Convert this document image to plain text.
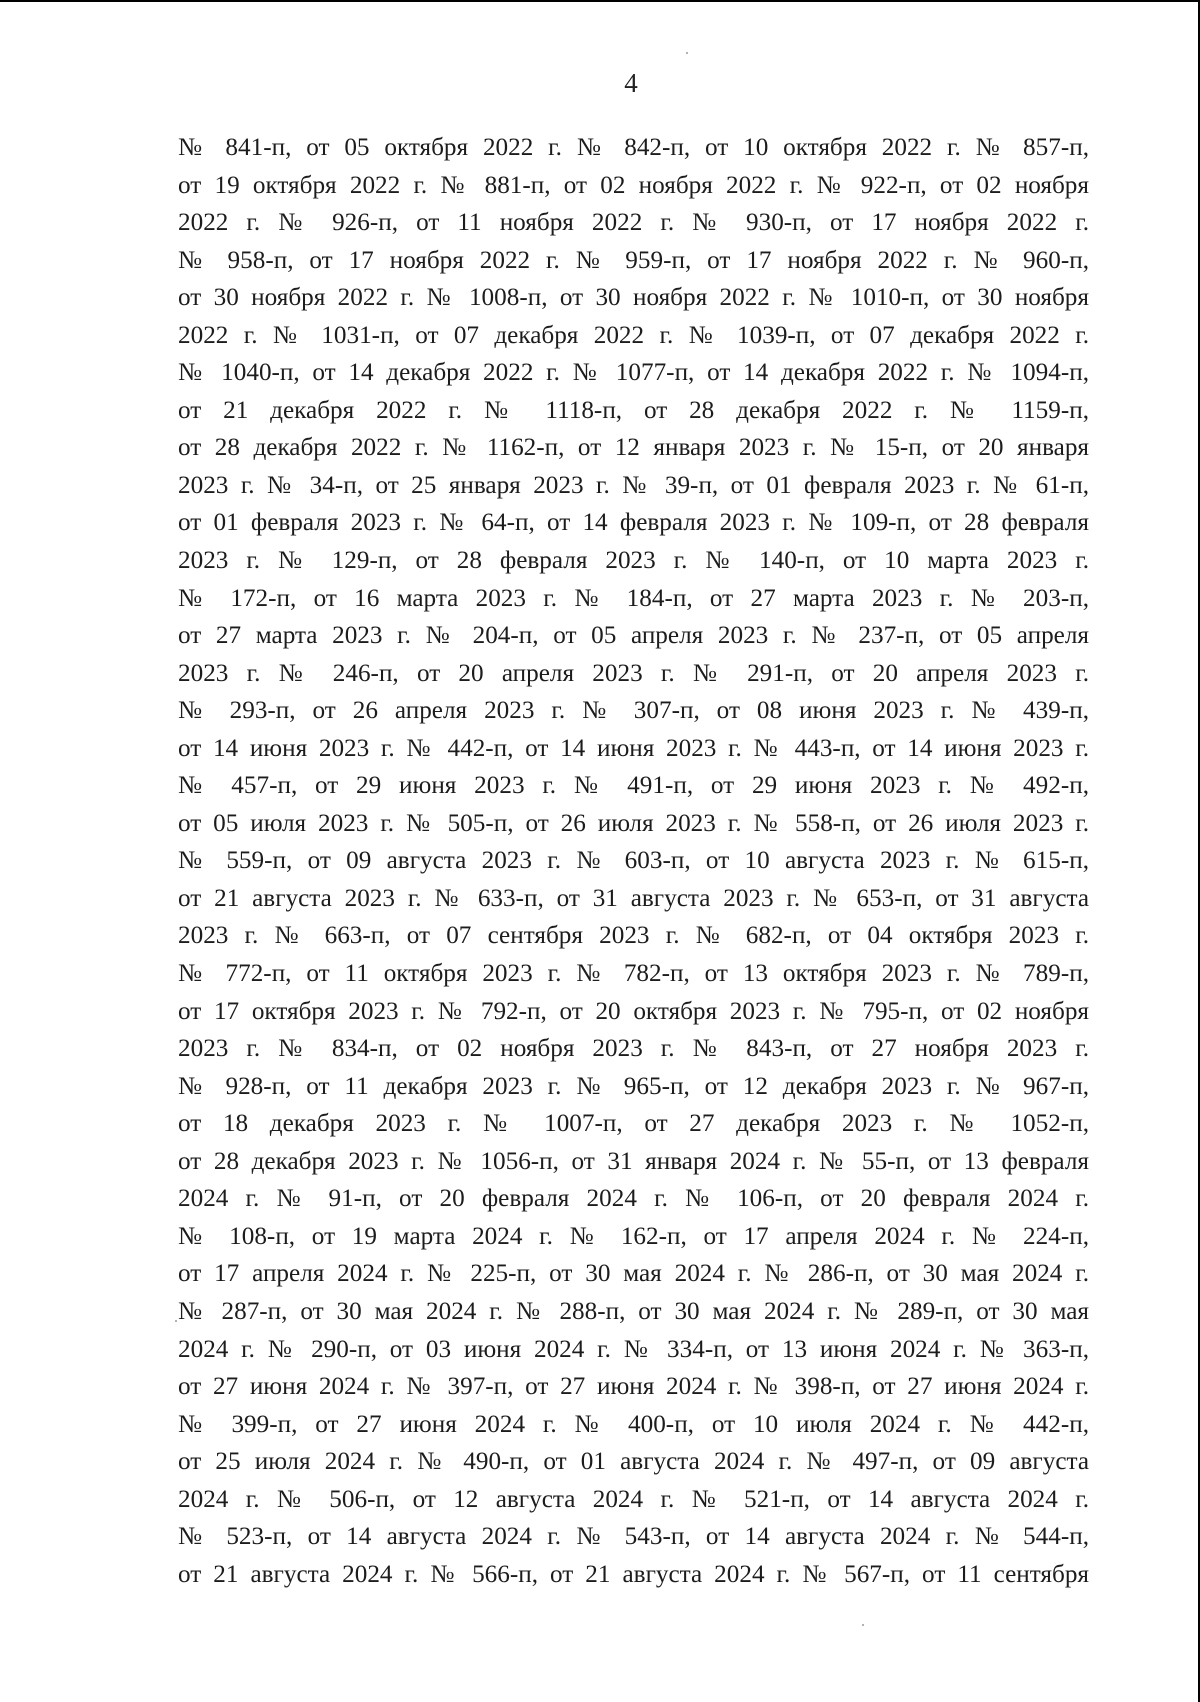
4
№ 841-п, от 05 октября 2022 г. № 842-п, от 10 октября 2022 г. № 857-п,
от 19 октября 2022 г. № 881-п, от 02 ноября 2022 г. № 922-п, от 02 ноября
2022 г. № 926-п, от 11 ноября 2022 г. № 930-п, от 17 ноября 2022 г.
№ 958-п, от 17 ноября 2022 г. № 959-п, от 17 ноября 2022 г. № 960-п,
от 30 ноября 2022 г. № 1008-п, от 30 ноября 2022 г. № 1010-п, от 30 ноября
2022 г. № 1031-п, от 07 декабря 2022 г. № 1039-п, от 07 декабря 2022 г.
№ 1040-п, от 14 декабря 2022 г. № 1077-п, от 14 декабря 2022 г. № 1094-п,
от 21 декабря 2022 г. № 1118-п, от 28 декабря 2022 г. № 1159-п,
от 28 декабря 2022 г. № 1162-п, от 12 января 2023 г. № 15-п, от 20 января
2023 г. № 34-п, от 25 января 2023 г. № 39-п, от 01 февраля 2023 г. № 61-п,
от 01 февраля 2023 г. № 64-п, от 14 февраля 2023 г. № 109-п, от 28 февраля
2023 г. № 129-п, от 28 февраля 2023 г. № 140-п, от 10 марта 2023 г.
№ 172-п, от 16 марта 2023 г. № 184-п, от 27 марта 2023 г. № 203-п,
от 27 марта 2023 г. № 204-п, от 05 апреля 2023 г. № 237-п, от 05 апреля
2023 г. № 246-п, от 20 апреля 2023 г. № 291-п, от 20 апреля 2023 г.
№ 293-п, от 26 апреля 2023 г. № 307-п, от 08 июня 2023 г. № 439-п,
от 14 июня 2023 г. № 442-п, от 14 июня 2023 г. № 443-п, от 14 июня 2023 г.
№ 457-п, от 29 июня 2023 г. № 491-п, от 29 июня 2023 г. № 492-п,
от 05 июля 2023 г. № 505-п, от 26 июля 2023 г. № 558-п, от 26 июля 2023 г.
№ 559-п, от 09 августа 2023 г. № 603-п, от 10 августа 2023 г. № 615-п,
от 21 августа 2023 г. № 633-п, от 31 августа 2023 г. № 653-п, от 31 августа
2023 г. № 663-п, от 07 сентября 2023 г. № 682-п, от 04 октября 2023 г.
№ 772-п, от 11 октября 2023 г. № 782-п, от 13 октября 2023 г. № 789-п,
от 17 октября 2023 г. № 792-п, от 20 октября 2023 г. № 795-п, от 02 ноября
2023 г. № 834-п, от 02 ноября 2023 г. № 843-п, от 27 ноября 2023 г.
№ 928-п, от 11 декабря 2023 г. № 965-п, от 12 декабря 2023 г. № 967-п,
от 18 декабря 2023 г. № 1007-п, от 27 декабря 2023 г. № 1052-п,
от 28 декабря 2023 г. № 1056-п, от 31 января 2024 г. № 55-п, от 13 февраля
2024 г. № 91-п, от 20 февраля 2024 г. № 106-п, от 20 февраля 2024 г.
№ 108-п, от 19 марта 2024 г. № 162-п, от 17 апреля 2024 г. № 224-п,
от 17 апреля 2024 г. № 225-п, от 30 мая 2024 г. № 286-п, от 30 мая 2024 г.
№ 287-п, от 30 мая 2024 г. № 288-п, от 30 мая 2024 г. № 289-п, от 30 мая
2024 г. № 290-п, от 03 июня 2024 г. № 334-п, от 13 июня 2024 г. № 363-п,
от 27 июня 2024 г. № 397-п, от 27 июня 2024 г. № 398-п, от 27 июня 2024 г.
№ 399-п, от 27 июня 2024 г. № 400-п, от 10 июля 2024 г. № 442-п,
от 25 июля 2024 г. № 490-п, от 01 августа 2024 г. № 497-п, от 09 августа
2024 г. № 506-п, от 12 августа 2024 г. № 521-п, от 14 августа 2024 г.
№ 523-п, от 14 августа 2024 г. № 543-п, от 14 августа 2024 г. № 544-п,
от 21 августа 2024 г. № 566-п, от 21 августа 2024 г. № 567-п, от 11 сентября
